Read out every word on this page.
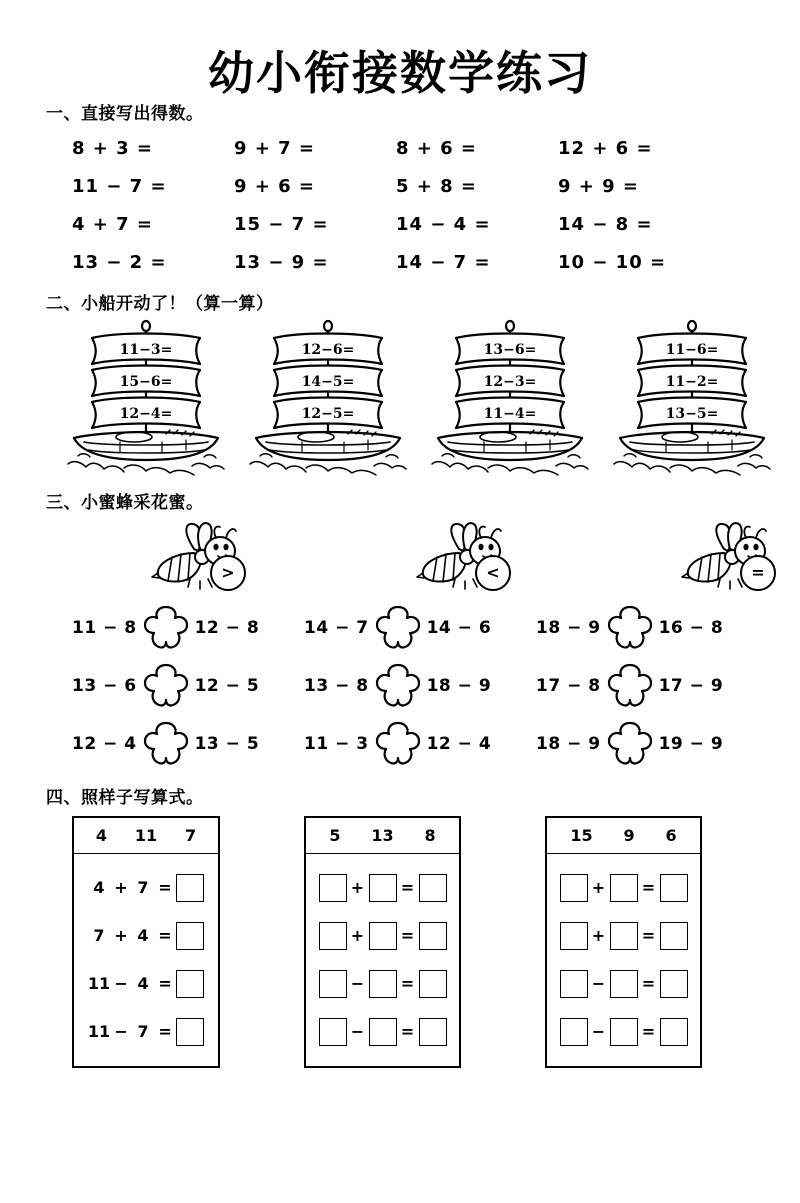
幼小衔接数学练习
一、直接写出得数。
8 + 3 =	9 + 7 =	8 + 6 =	12 + 6 =
11 − 7 =	9 + 6 =	5 + 8 =	9 + 9 =
4 + 7 =	15 − 7 =	14 − 4 =	14 − 8 =
13 − 2 =	13 − 9 =	14 − 7 =	10 − 10 =
二、小船开动了！（算一算）
11−3=
15−6=
12−4=
12−6=
14−5=
12−5=
13−6=
12−3=
11−4=
11−6=
11−2=
13−5=
三、小蜜蜂采花蜜。
>	<	=
11 − 8	12 − 8	14 − 7	14 − 6	18 − 9	16 − 8
13 − 6	12 − 5	13 − 8	18 − 9	17 − 8	17 − 9
12 − 4	13 − 5	11 − 3	12 − 4	18 − 9	19 − 9
四、照样子写算式。
4 11 7
4 + 7 =
7 + 4 =
11 − 4 =
11 − 7 =
5 13 8
+ =
+ =
− =
− =
15 9 6
+ =
+ =
− =
− =
